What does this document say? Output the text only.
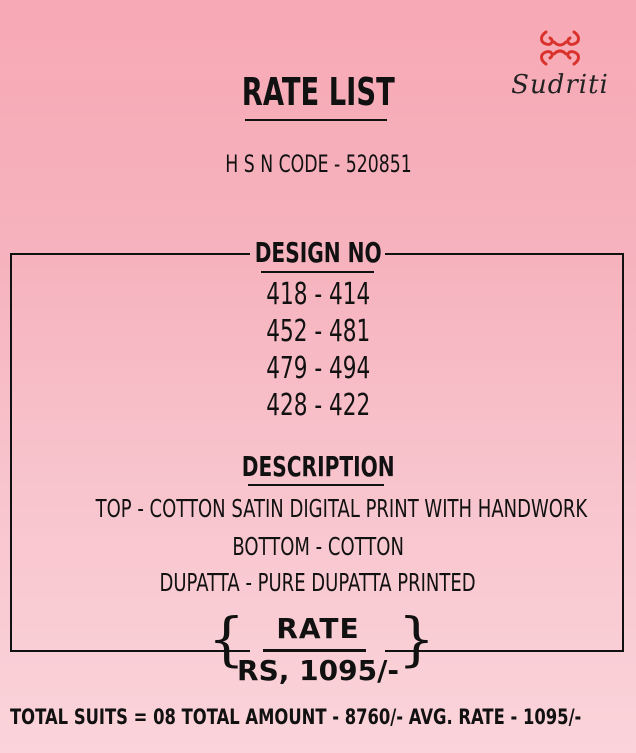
RATE LIST	Sudriti
H S N CODE - 520851
DESIGN NO
418 - 414
452 - 481
479 - 494
428 - 422
DESCRIPTION
TOP - COTTON SATIN DIGITAL PRINT WITH HANDWORK
BOTTOM - COTTON
DUPATTA - PURE DUPATTA PRINTED
{	}
RATE
RS, 1095/-
TOTAL SUITS = 08 TOTAL AMOUNT - 8760/- AVG. RATE - 1095/-
